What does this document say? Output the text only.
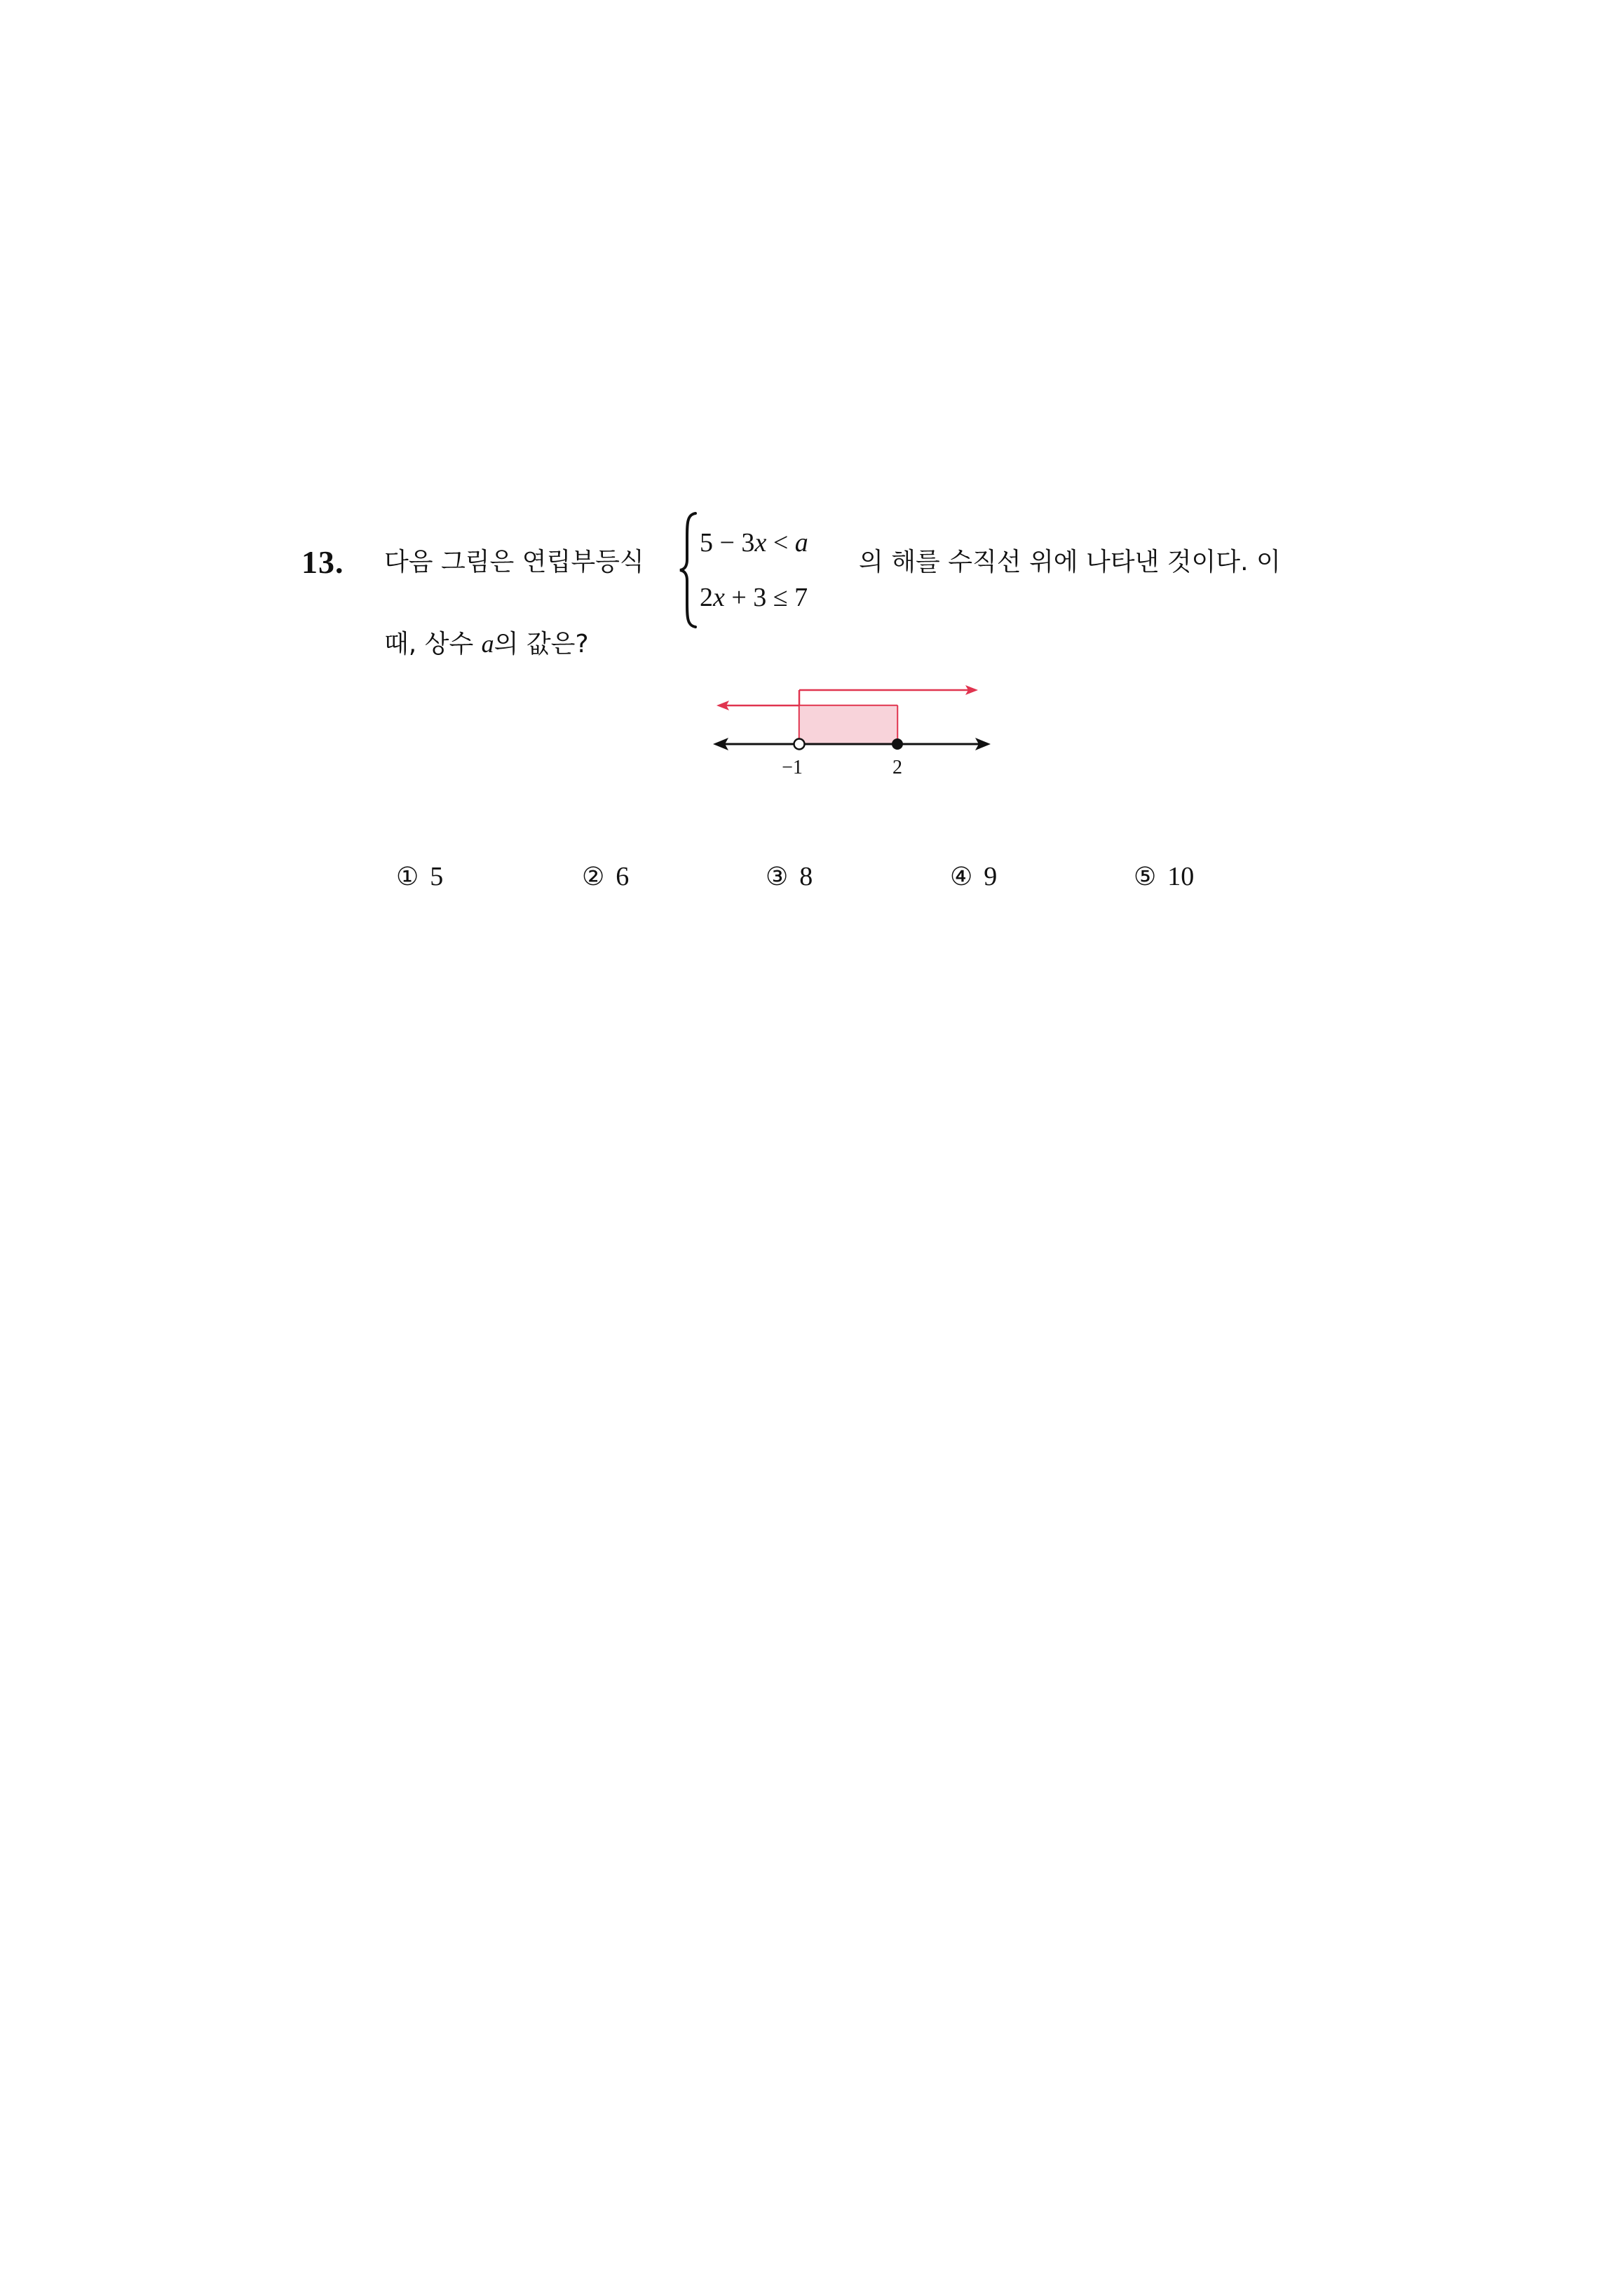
13. 다음 그림은 연립부등식
5 − 3x < a
2x + 3 ≤ 7
의 해를 수직선 위에 나타낸 것이다. 이
때, 상수 a의 값은?
−1	2
① 5	② 6	③ 8	④ 9	⑤ 10
